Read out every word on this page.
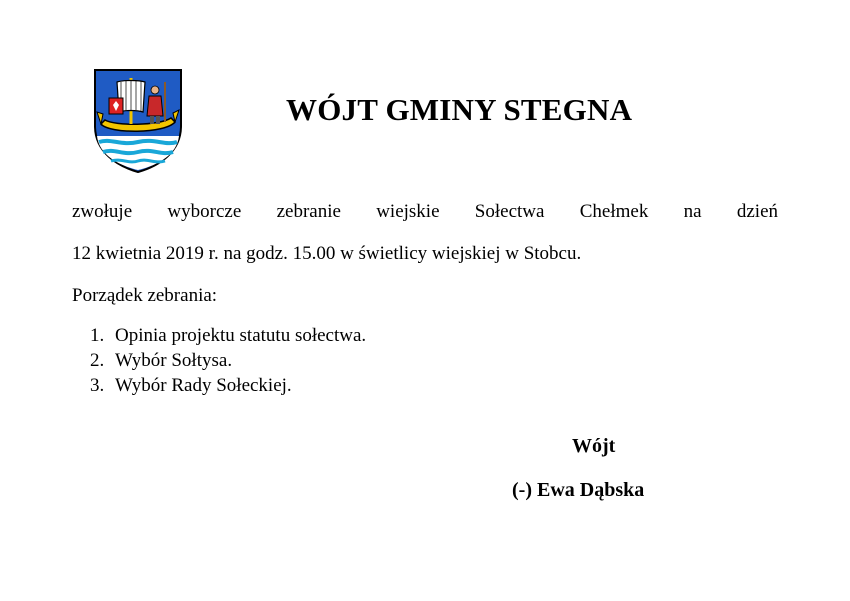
WÓJT GMINY STEGNA

zwołuje wyborcze zebranie wiejskie Sołectwa Chełmek na dzień

12 kwietnia 2019 r. na godz. 15.00 w świetlicy wiejskiej w Stobcu.

Porządek zebrania:

1. Opinia projektu statutu sołectwa.
2. Wybór Sołtysa.
3. Wybór Rady Sołeckiej.

Wójt

(-) Ewa Dąbska
